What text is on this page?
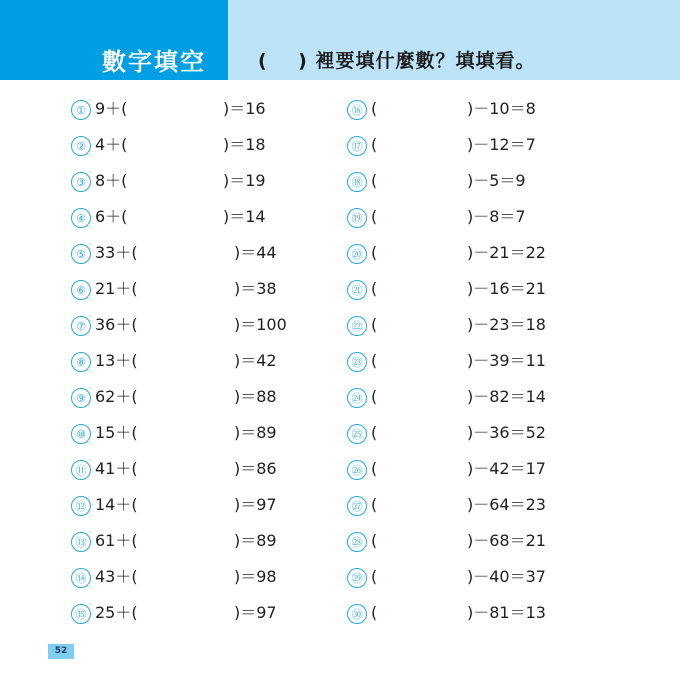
數字填空	(    ) 裡要填什麼數？填填看。
① 9＋(	)＝16
② 4＋(	)＝18
③ 8＋(	)＝19
④ 6＋(	)＝14
⑤ 33＋(	)＝44
⑥ 21＋(	)＝38
⑦ 36＋(	)＝100
⑧ 13＋(	)＝42
⑨ 62＋(	)＝88
⑩ 15＋(	)＝89
⑪ 41＋(	)＝86
⑫ 14＋(	)＝97
⑬ 61＋(	)＝89
⑭ 43＋(	)＝98
⑮ 25＋(	)＝97
⑯ (	)－10＝8
⑰ (	)－12＝7
⑱ (	)－5＝9
⑲ (	)－8＝7
⑳ (	)－21＝22
㉑ (	)－16＝21
㉒ (	)－23＝18
㉓ (	)－39＝11
㉔ (	)－82＝14
㉕ (	)－36＝52
㉖ (	)－42＝17
㉗ (	)－64＝23
㉘ (	)－68＝21
㉙ (	)－40＝37
㉚ (	)－81＝13
52
